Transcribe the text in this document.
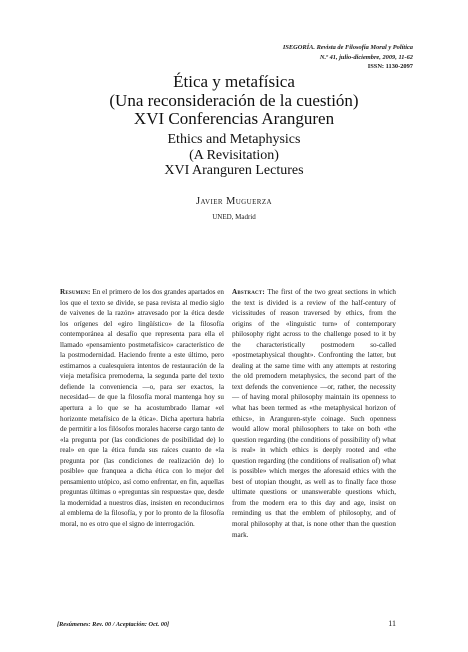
ISEGORÍA. Revista de Filosofía Moral y Política
N.º 41, julio-diciembre, 2009, 11-62
ISSN: 1130-2097
Ética y metafísica
(Una reconsideración de la cuestión)
XVI Conferencias Aranguren
Ethics and Metaphysics
(A Revisitation)
XVI Aranguren Lectures
Javier Muguerza
UNED, Madrid
Resumen: En el primero de los dos grandes apartados en los que el texto se divide, se pasa revista al medio siglo de vaivenes de la razón» atravesado por la ética desde los orígenes del «giro lingüístico» de la filosofía contemporánea al desafío que representa para ella el llamado «pensamiento postmetafísico» característico de la postmodernidad. Haciendo frente a este último, pero estimamos a cualesquiera intentos de restauración de la vieja metafísica premoderna, la segunda parte del texto defiende la conveniencia —o, para ser exactos, la necesidad— de que la filosofía moral mantenga hoy su apertura a lo que se ha acostumbrado llamar «el horizonte metafísico de la ética». Dicha apertura habría de permitir a los filósofos morales hacerse cargo tanto de «la pregunta por (las condiciones de posibilidad de) lo real» en que la ética funda sus raíces cuanto de «la pregunta por (las condiciones de realización de) lo posible» que franquea a dicha ética con lo mejor del pensamiento utópico, así como enfrentar, en fin, aquellas preguntas últimas o «preguntas sin respuesta» que, desde la modernidad a nuestros días, insisten en reconducirnos al emblema de la filosofía, y por lo pronto de la filosofía moral, no es otro que el signo de interrogación.
Abstract: The first of the two great sections in which the text is divided is a review of the half-century of vicissitudes of reason traversed by ethics, from the origins of the «linguistic turn» of contemporary philosophy right across to the challenge posed to it by the characteristically postmodern so-called «postmetaphysical thought». Confronting the latter, but dealing at the same time with any attempts at restoring the old premodern metaphysics, the second part of the text defends the convenience —or, rather, the necessity— of having moral philosophy maintain its openness to what has been termed as «the metaphysical horizon of ethics», in Aranguren-style coinage. Such openness would allow moral philosophers to take on both «the question regarding (the conditions of possibility of) what is real» in which ethics is deeply rooted and «the question regarding (the conditions of realisation of) what is possible» which merges the aforesaid ethics with the best of utopian thought, as well as to finally face those ultimate questions or unanswerable questions which, from the modern era to this day and age, insist on reminding us that the emblem of philosophy, and of moral philosophy at that, is none other than the question mark.
[Resúmenes: Rev. 00 / Aceptación: Oct. 00]	11
